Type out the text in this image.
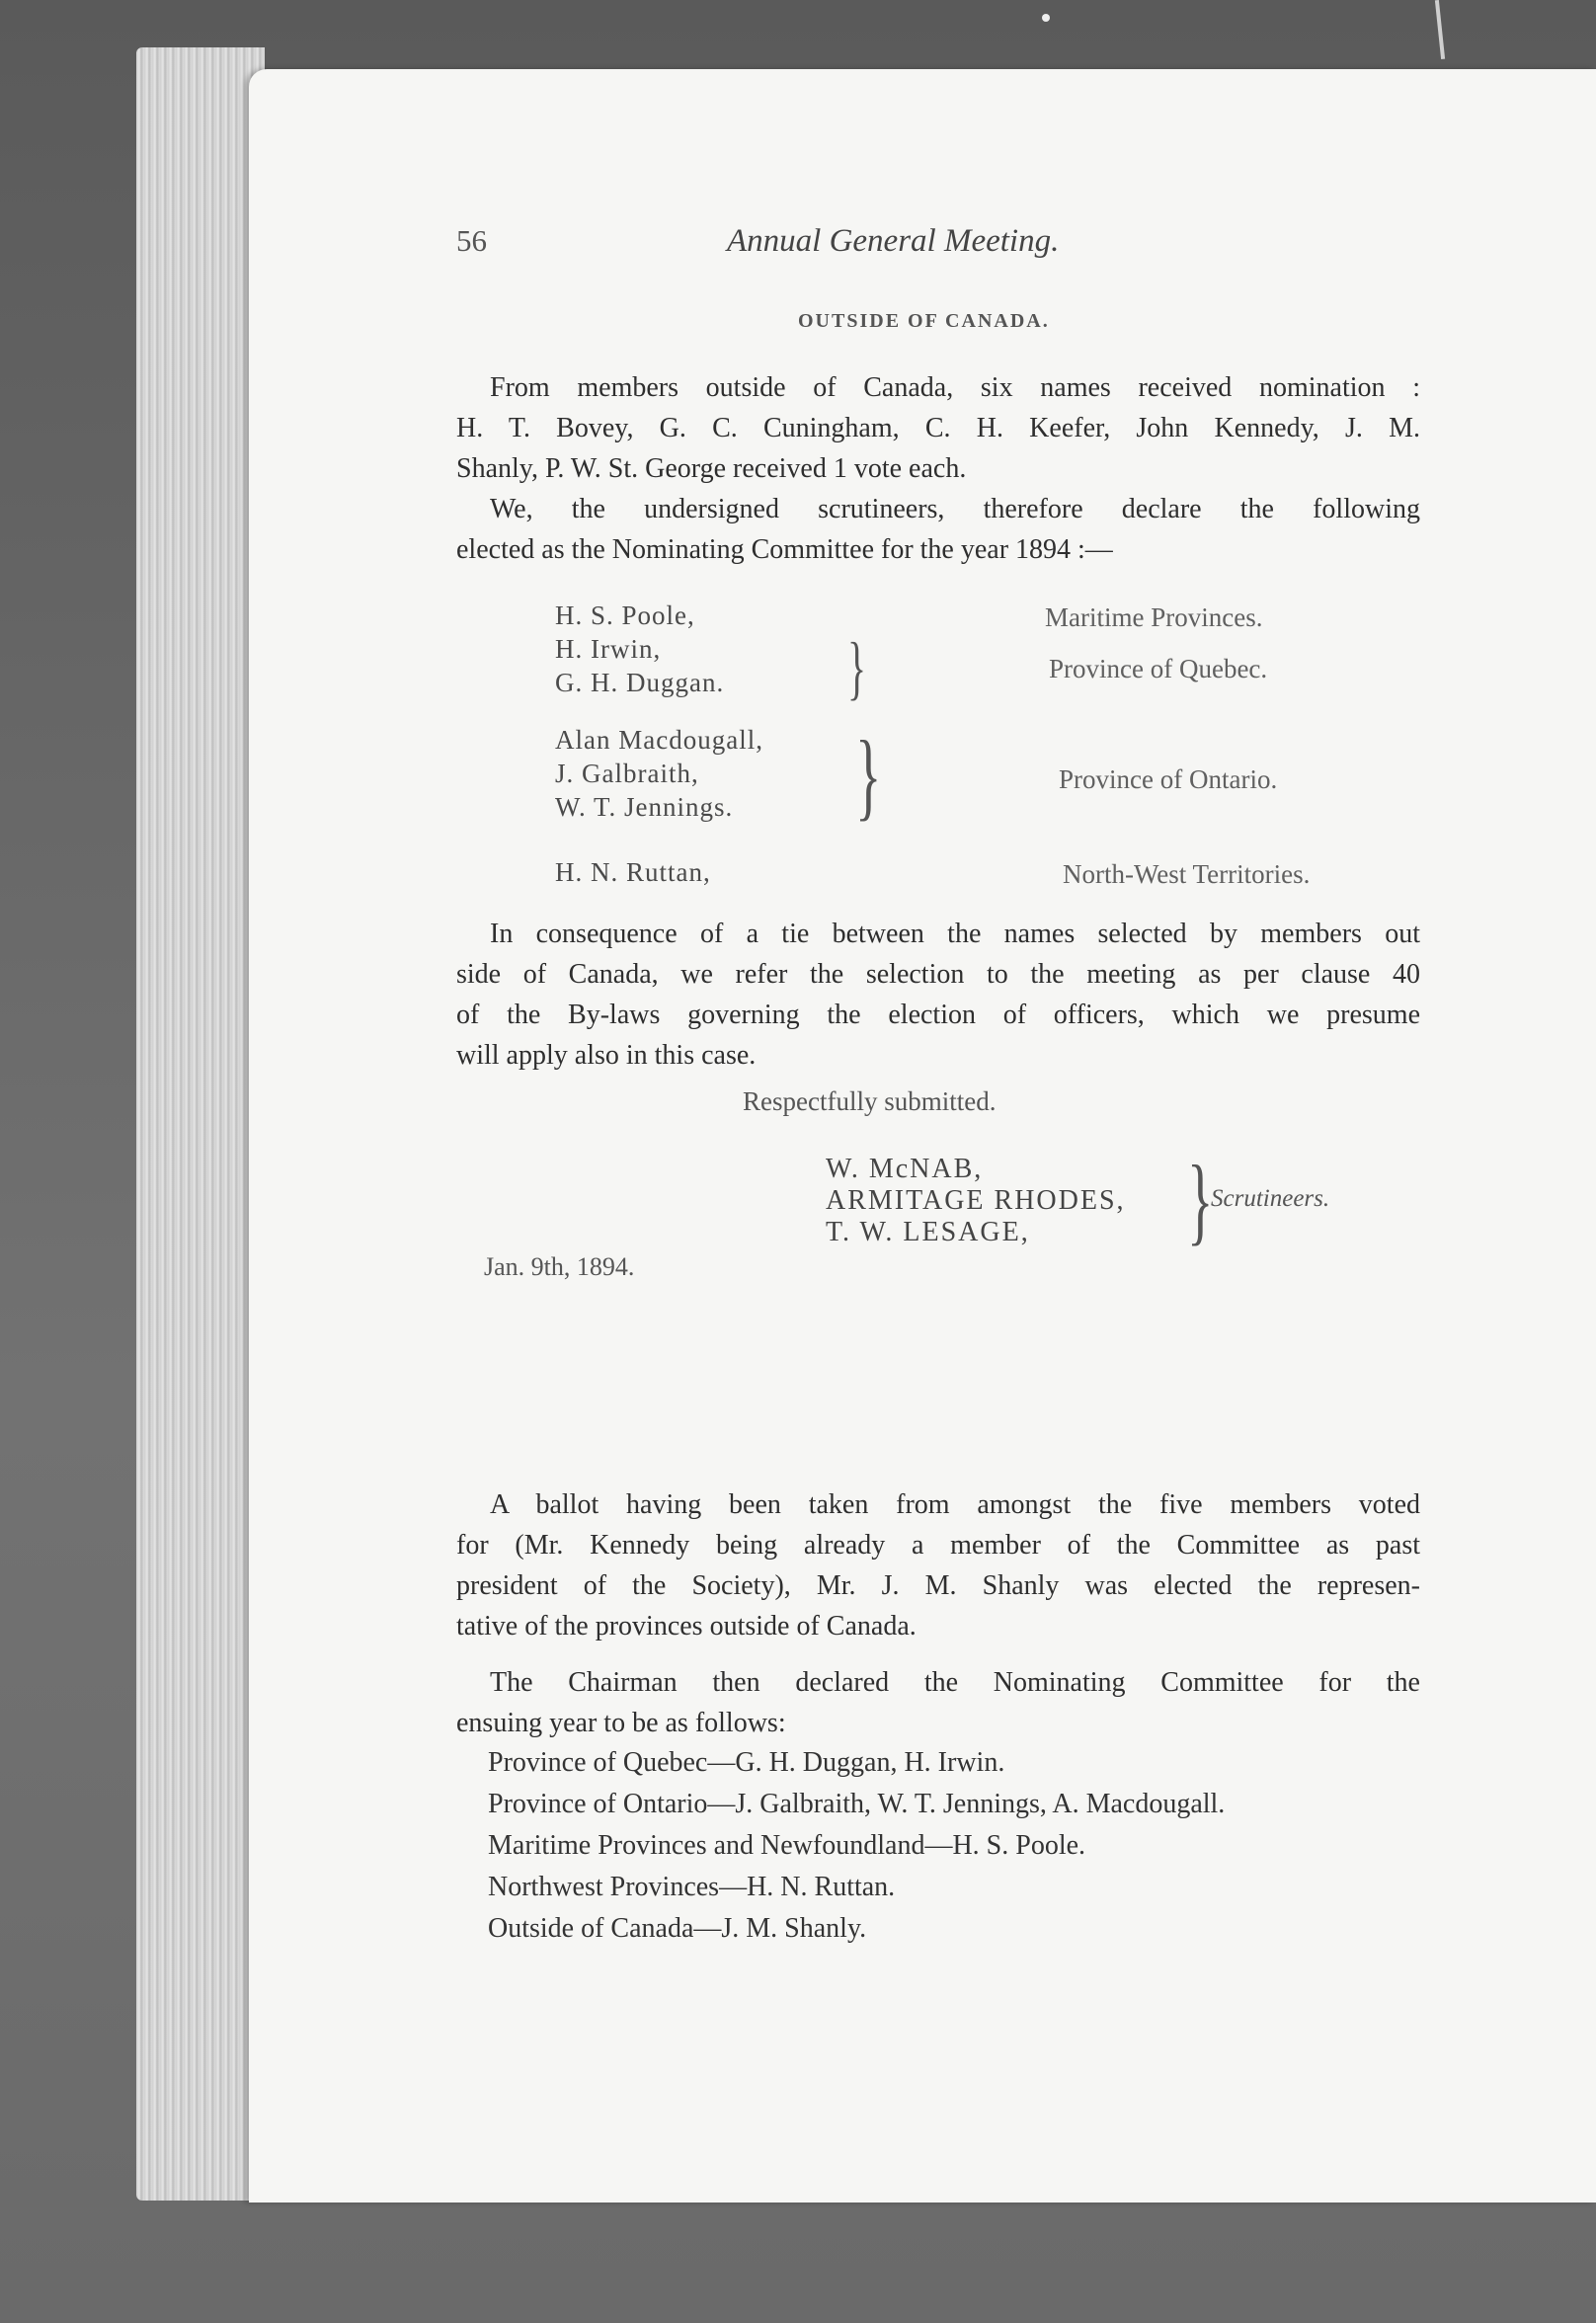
56	Annual General Meeting.
OUTSIDE OF CANADA.
From members outside of Canada, six names received nomination :
H. T. Bovey, G. C. Cuningham, C. H. Keefer, John Kennedy, J. M.
Shanly, P. W. St. George received 1 vote each.
We, the undersigned scrutineers, therefore declare the following
elected as the Nominating Committee for the year 1894 :—
H. S. Poole,	Maritime Provinces.
H. Irwin,
G. H. Duggan. }	Province of Quebec.
Alan Macdougall,
J. Galbraith,
W. T. Jennings. }	Province of Ontario.
H. N. Ruttan,	North-West Territories.
In consequence of a tie between the names selected by members out
side of Canada, we refer the selection to the meeting as per clause 40
of the By-laws governing the election of officers, which we presume
will apply also in this case.
Respectfully submitted.
W. McNAB,
ARMITAGE RHODES,
T. W. LESAGE, }
Scrutineers.
Jan. 9th, 1894.
A ballot having been taken from amongst the five members voted
for (Mr. Kennedy being already a member of the Committee as past
president of the Society), Mr. J. M. Shanly was elected the represen-
tative of the provinces outside of Canada.
The Chairman then declared the Nominating Committee for the
ensuing year to be as follows:
Province of Quebec—G. H. Duggan, H. Irwin.
Province of Ontario—J. Galbraith, W. T. Jennings, A. Macdougall.
Maritime Provinces and Newfoundland—H. S. Poole.
Northwest Provinces—H. N. Ruttan.
Outside of Canada—J. M. Shanly.
